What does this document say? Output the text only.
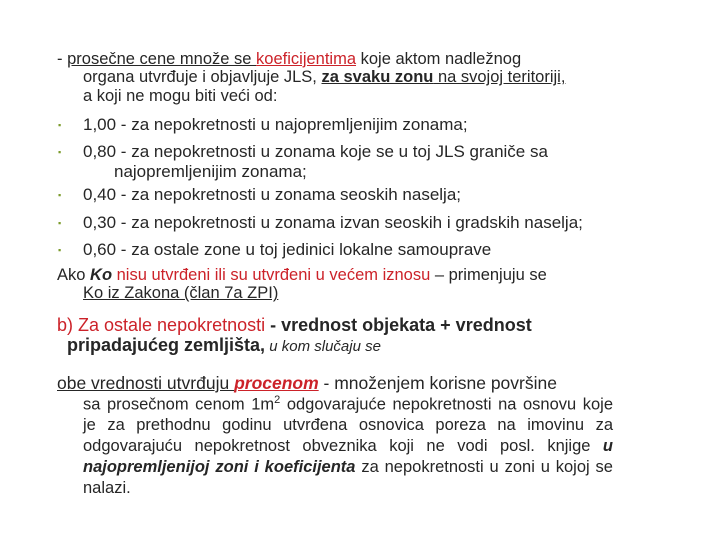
- prosečne cene množe se koeficijentima koje aktom nadležnog
organa utvrđuje i objavljuje JLS, za svaku zonu na svojoj teritoriji,
a koji ne mogu biti veći od:

▪	1,00 - za nepokretnosti u najopremljenijim zonama;
▪	0,80 - za nepokretnosti u zonama koje se u toj JLS graniče sa
najopremljenijim zonama;
▪	0,40 - za nepokretnosti u zonama seoskih naselja;
▪	0,30 - za nepokretnosti u zonama izvan seoskih i gradskih naselja;
▪	0,60 - za ostale zone u toj jedinici lokalne samouprave

Ako Ko nisu utvrđeni ili su utvrđeni u većem iznosu – primenjuju se
Ko iz Zakona (član 7a ZPI)

b) Za ostale nepokretnosti - vrednost objekata + vrednost
pripadajućeg zemljišta, u kom slučaju se

obe vrednosti utvrđuju procenom - množenjem korisne površine
sa prosečnom cenom $1m^2$ odgovarajuće nepokretnosti na osnovu koje je za prethodnu godinu utvrđena osnovica poreza na imovinu za odgovarajuću nepokretnost obveznika koji ne vodi posl. knjige u najopremljenijoj zoni i koeficijenta za nepokretnosti u zoni u kojoj se nalazi.
